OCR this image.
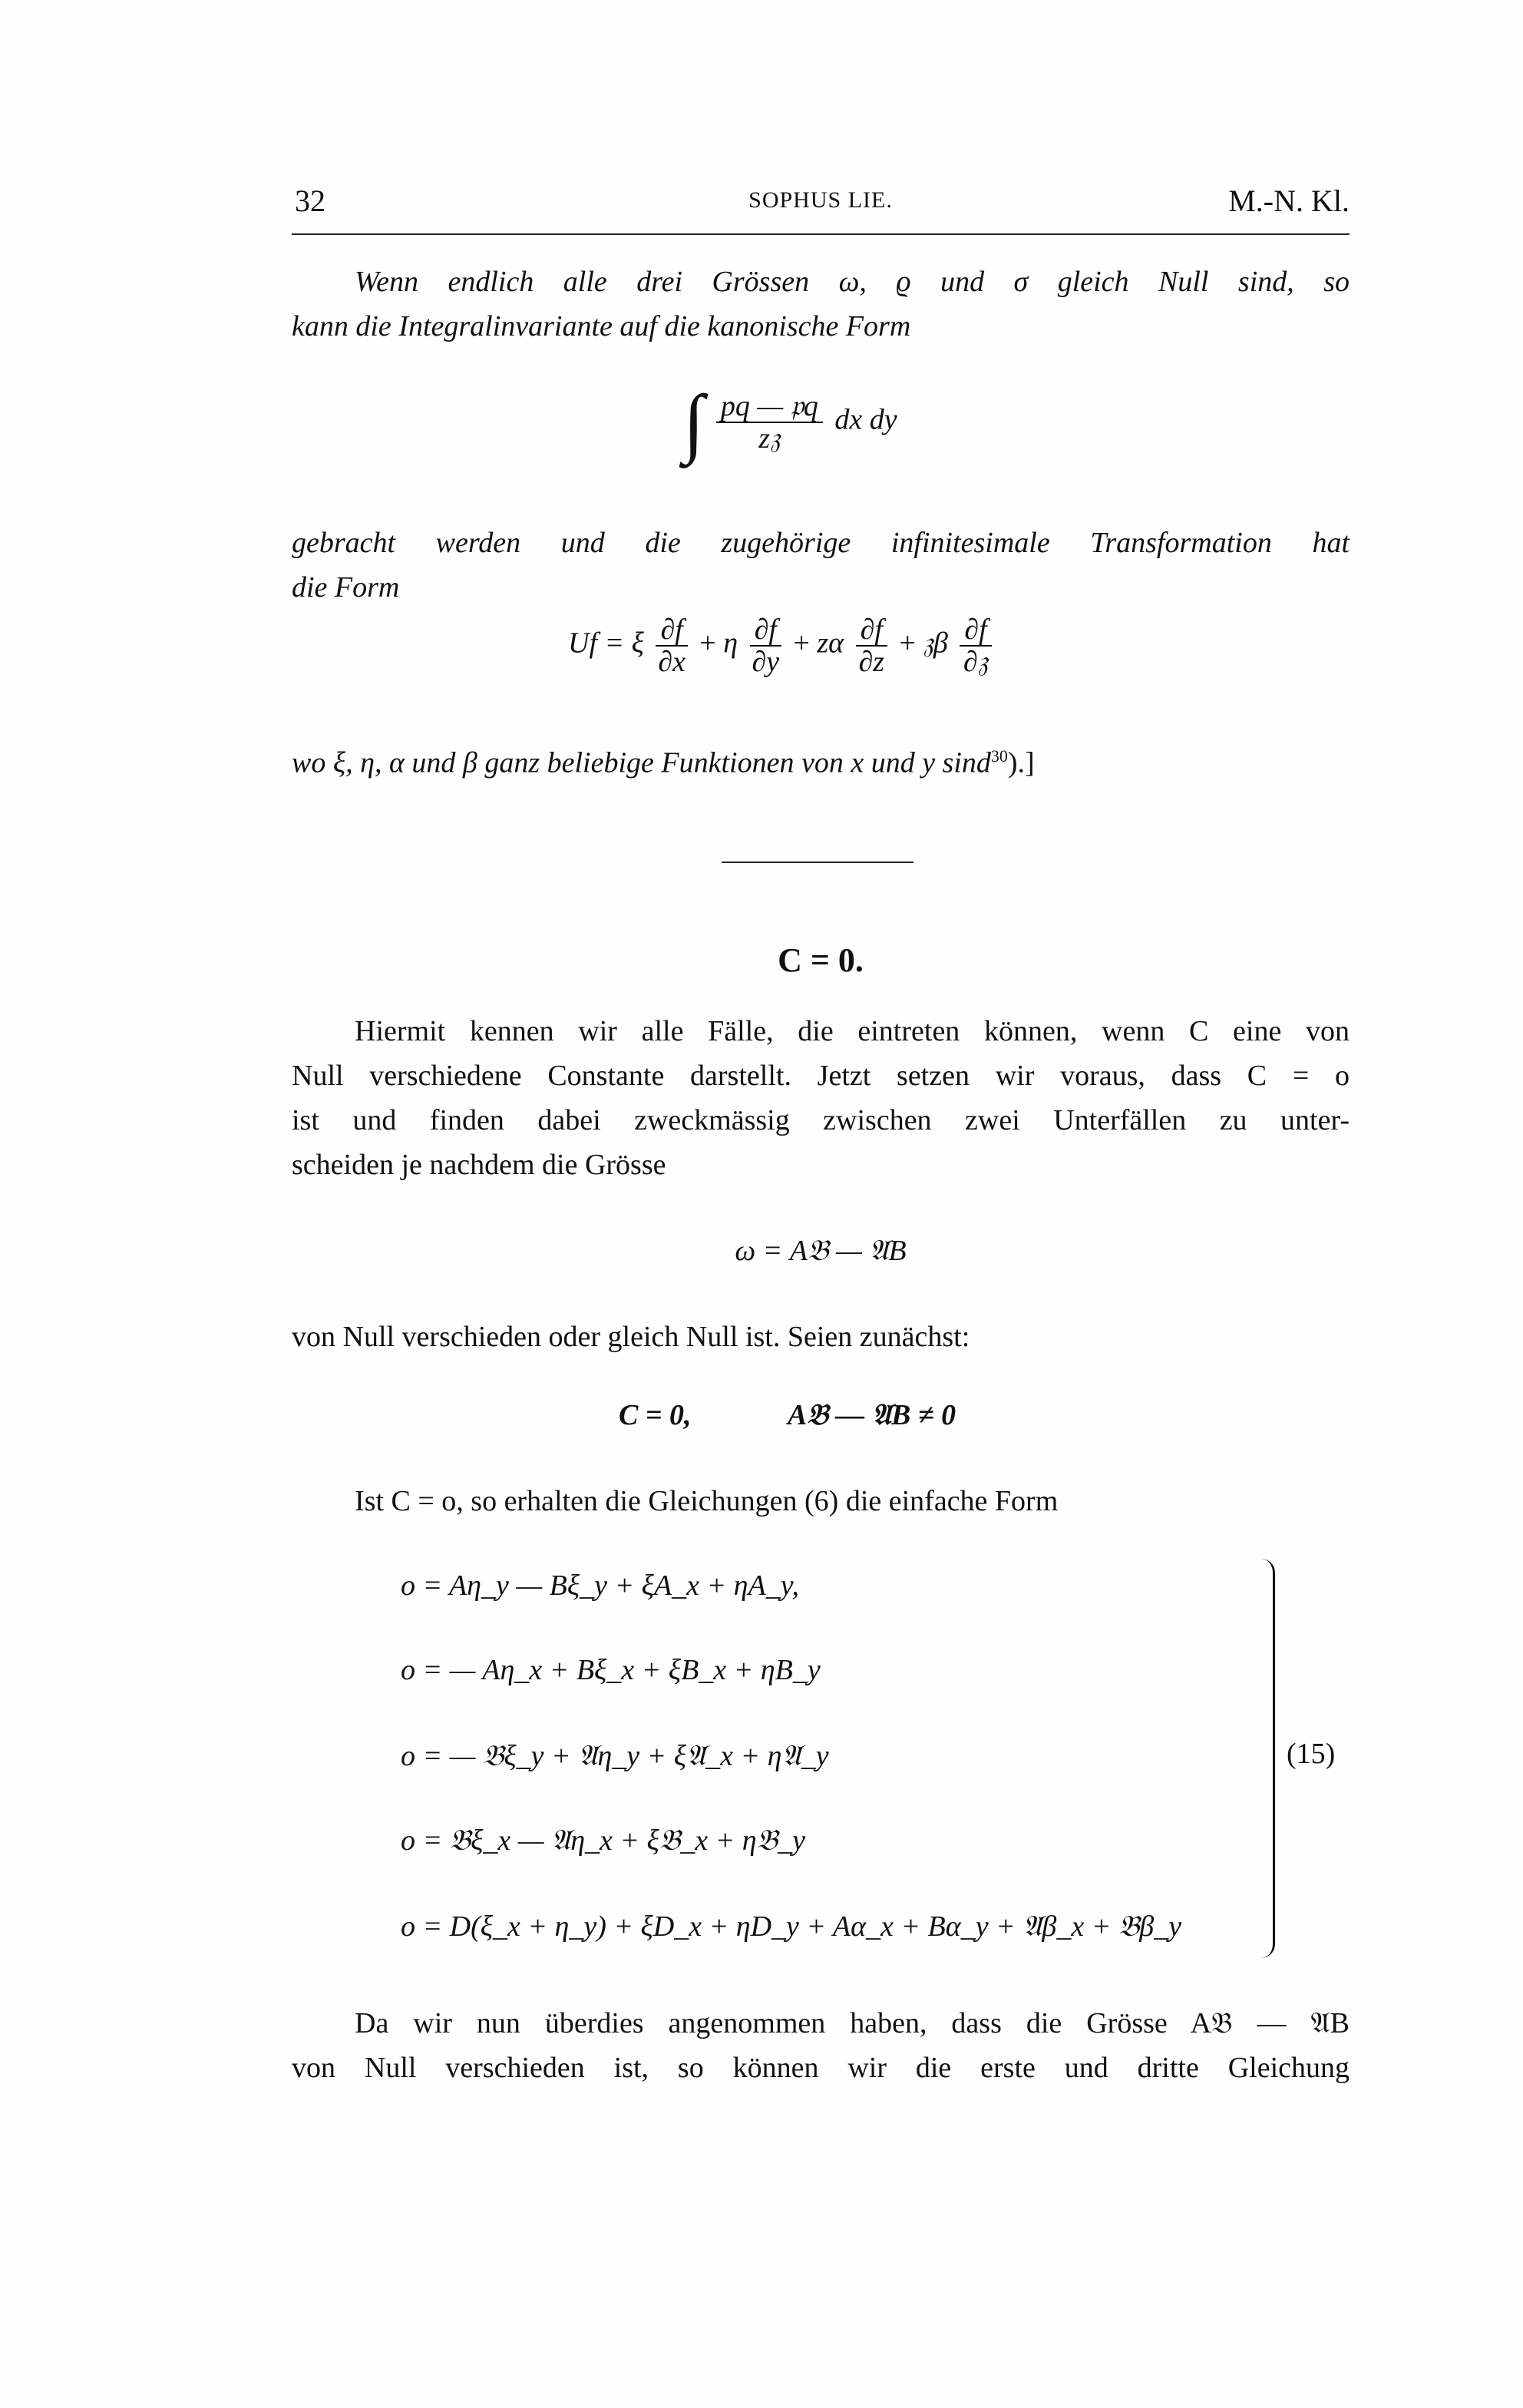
32	SOPHUS LIE.	M.-N. Kl.
Wenn endlich alle drei Grössen ω, ϱ und σ gleich Null sind, so
kann die Integralinvariante auf die kanonische Form
∫ $\frac{\text{pq — 𝔭q}}{\text{z𝔷}}$ dx dy
gebracht werden und die zugehörige infinitesimale Transformation hat
die Form
Uf = ξ $\frac{\partial f}{\partial x} + \eta \frac{\partial f}{\partial y} + z\alpha \frac{\partial f}{\partial z}$ + 𝔷β $\frac{\partial f}{\text{∂𝔷}}$
wo ξ, η, α und β ganz beliebige Funktionen von x und y sind$^{30}$).]
C = 0.
Hiermit kennen wir alle Fälle, die eintreten können, wenn C eine von
Null verschiedene Constante darstellt. Jetzt setzen wir voraus, dass C = o
ist und finden dabei zweckmässig zwischen zwei Unterfällen zu unter-
scheiden je nachdem die Grösse
ω = A𝔅 — 𝔄B
von Null verschieden oder gleich Null ist. Seien zunächst:
C = 0,	A𝔅 — 𝔄B ≠ 0
Ist C = o, so erhalten die Gleichungen (6) die einfache Form
o = Aη_y — Bξ_y + ξA_x + ηA_y,
o = — Aη_x + Bξ_x + ξB_x + ηB_y
o = — 𝔅ξ_y + 𝔄η_y + ξ𝔄_x + η𝔄_y
o = 𝔅ξ_x — 𝔄η_x + ξ𝔅_x + η𝔅_y
o = D(ξ_x + η_y) + ξD_x + ηD_y + Aα_x + Bα_y + 𝔄β_x + 𝔅β_y
(15)
Da wir nun überdies angenommen haben, dass die Grösse A𝔅 — 𝔄B
von Null verschieden ist, so können wir die erste und dritte Gleichung
